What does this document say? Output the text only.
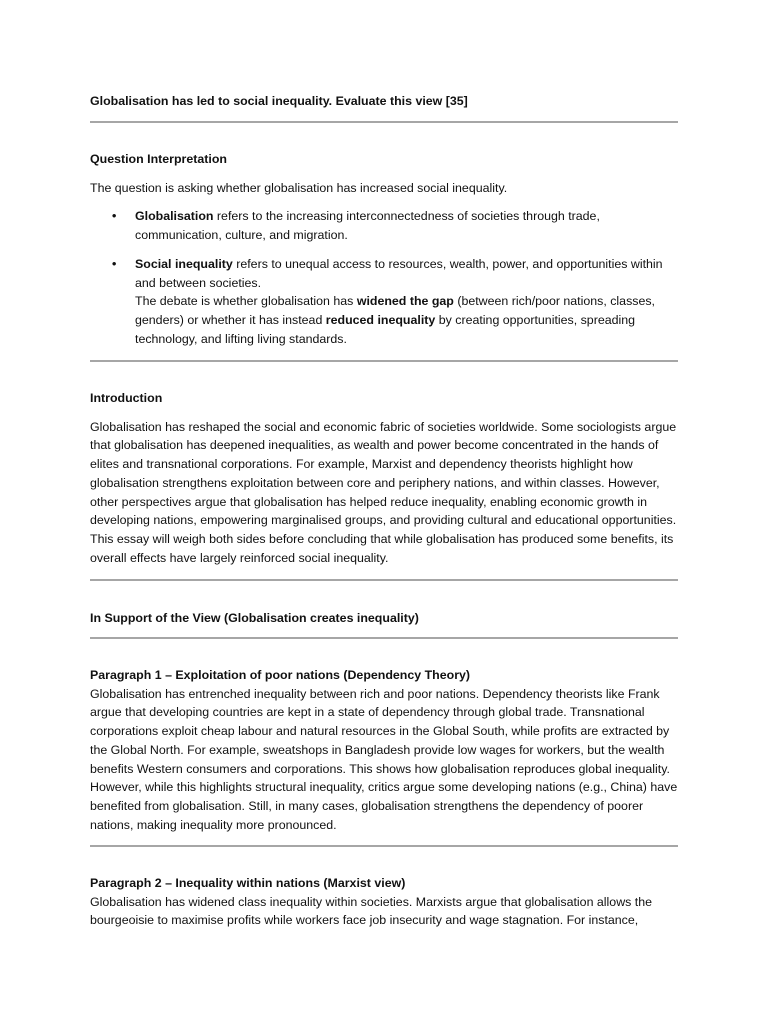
Globalisation has led to social inequality. Evaluate this view [35]

Question Interpretation

The question is asking whether globalisation has increased social inequality.

• Globalisation refers to the increasing interconnectedness of societies through trade, communication, culture, and migration.
• Social inequality refers to unequal access to resources, wealth, power, and opportunities within and between societies.
The debate is whether globalisation has widened the gap (between rich/poor nations, classes, genders) or whether it has instead reduced inequality by creating opportunities, spreading technology, and lifting living standards.

Introduction

Globalisation has reshaped the social and economic fabric of societies worldwide. Some sociologists argue that globalisation has deepened inequalities, as wealth and power become concentrated in the hands of elites and transnational corporations. For example, Marxist and dependency theorists highlight how globalisation strengthens exploitation between core and periphery nations, and within classes. However, other perspectives argue that globalisation has helped reduce inequality, enabling economic growth in developing nations, empowering marginalised groups, and providing cultural and educational opportunities. This essay will weigh both sides before concluding that while globalisation has produced some benefits, its overall effects have largely reinforced social inequality.

In Support of the View (Globalisation creates inequality)

Paragraph 1 – Exploitation of poor nations (Dependency Theory)

Globalisation has entrenched inequality between rich and poor nations. Dependency theorists like Frank argue that developing countries are kept in a state of dependency through global trade. Transnational corporations exploit cheap labour and natural resources in the Global South, while profits are extracted by the Global North. For example, sweatshops in Bangladesh provide low wages for workers, but the wealth benefits Western consumers and corporations. This shows how globalisation reproduces global inequality. However, while this highlights structural inequality, critics argue some developing nations (e.g., China) have benefited from globalisation. Still, in many cases, globalisation strengthens the dependency of poorer nations, making inequality more pronounced.

Paragraph 2 – Inequality within nations (Marxist view)

Globalisation has widened class inequality within societies. Marxists argue that globalisation allows the bourgeoisie to maximise profits while workers face job insecurity and wage stagnation. For instance,
